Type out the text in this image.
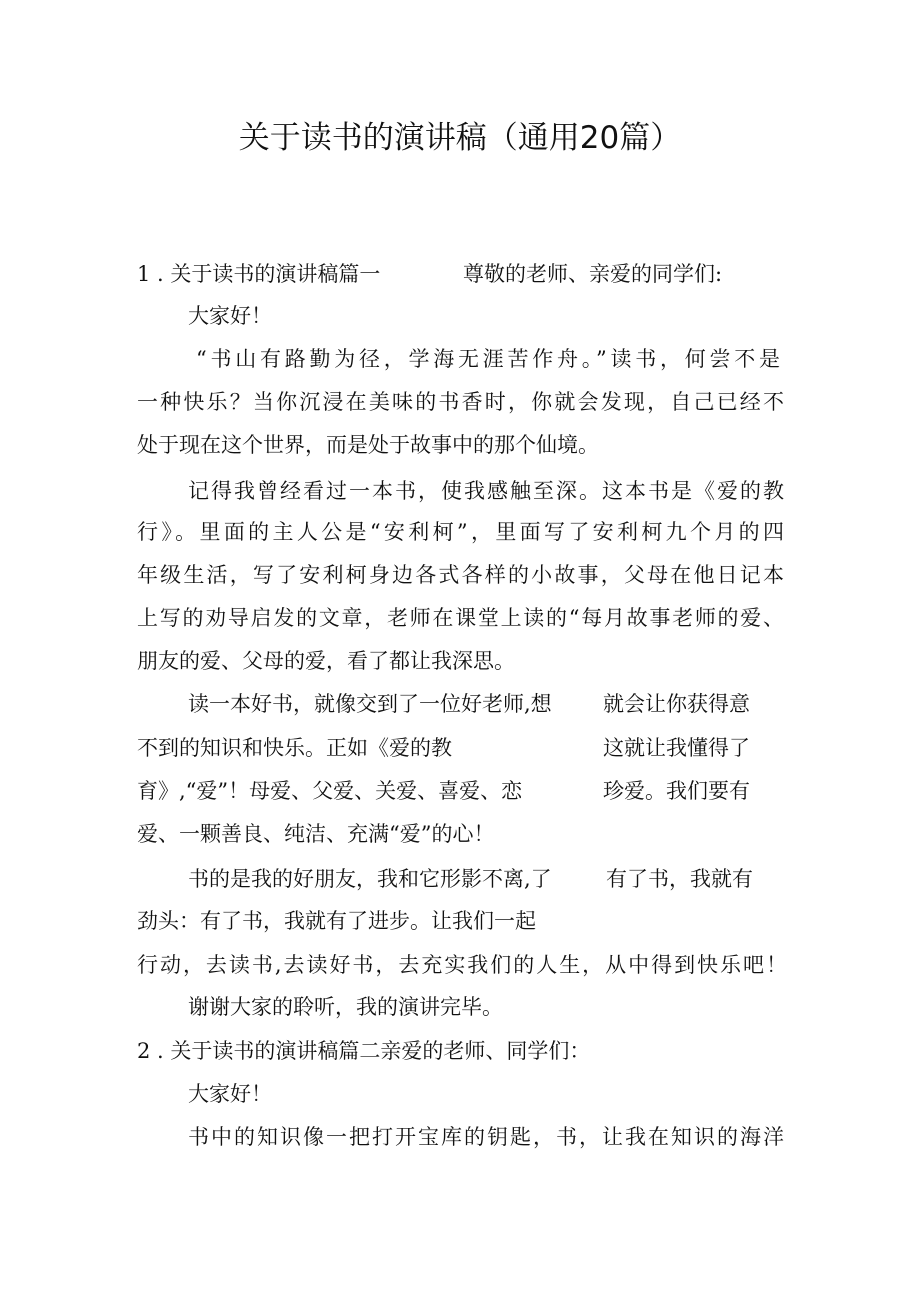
关于读书的演讲稿（通用20篇）
1 . 关于读书的演讲稿篇一	尊敬的老师、亲爱的同学们:
大家好！
“书山有路勤为径，学海无涯苦作舟。”读书，何尝不是
一种快乐？当你沉浸在美味的书香时，你就会发现，自己已经不
处于现在这个世界，而是处于故事中的那个仙境。
记得我曾经看过一本书，使我感触至深。这本书是《爱的教
行》。里面的主人公是“安利柯”，里面写了安利柯九个月的四
年级生活，写了安利柯身边各式各样的小故事，父母在他日记本
上写的劝导启发的文章，老师在课堂上读的“每月故事老师的爱、
朋友的爱、父母的爱，看了都让我深思。
读一本好书，就像交到了一位好老师,想 就会让你获得意
不到的知识和快乐。正如《爱的教	这就让我懂得了
育》,“爱”！母爱、父爱、关爱、喜爱、恋	珍爱。我们要有
爱、一颗善良、纯洁、充满“爱”的心！
书的是我的好朋友，我和它形影不离,了	有了书，我就有
劲头：有了书，我就有了进步。让我们一起
行动，去读书,去读好书，去充实我们的人生，从中得到快乐吧！
谢谢大家的聆听，我的演讲完毕。
2 . 关于读书的演讲稿篇二亲爱的老师、同学们：
大家好！
书中的知识像一把打开宝库的钥匙，书，让我在知识的海洋
